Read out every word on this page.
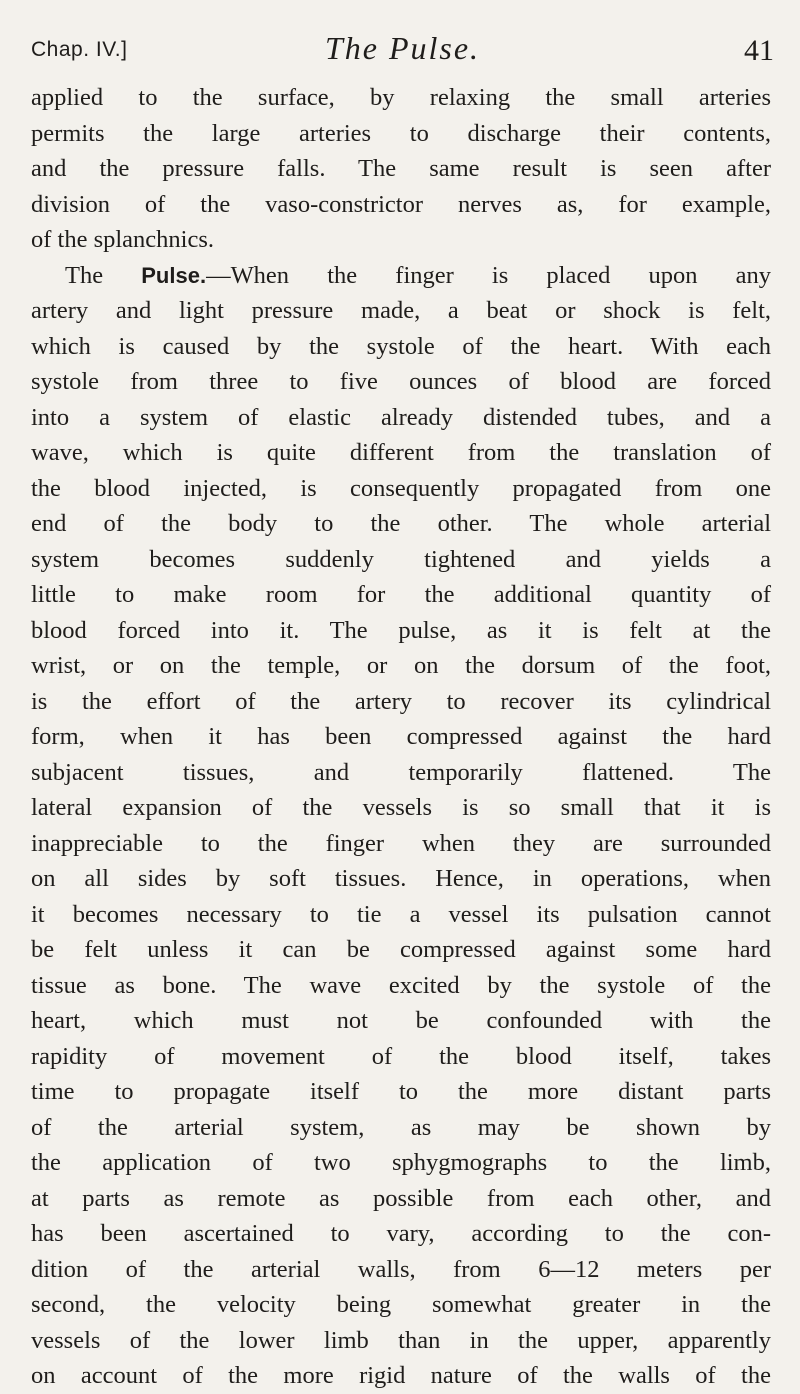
Chap. IV.]	The Pulse.	41
applied to the surface, by relaxing the small arteries
permits the large arteries to discharge their contents,
and the pressure falls. The same result is seen after
division of the vaso-constrictor nerves as, for example,
of the splanchnics.
The Pulse.—When the finger is placed upon any
artery and light pressure made, a beat or shock is felt,
which is caused by the systole of the heart. With each
systole from three to five ounces of blood are forced
into a system of elastic already distended tubes, and a
wave, which is quite different from the translation of
the blood injected, is consequently propagated from one
end of the body to the other. The whole arterial
system becomes suddenly tightened and yields a
little to make room for the additional quantity of
blood forced into it. The pulse, as it is felt at the
wrist, or on the temple, or on the dorsum of the foot,
is the effort of the artery to recover its cylindrical
form, when it has been compressed against the hard
subjacent tissues, and temporarily flattened. The
lateral expansion of the vessels is so small that it is
inappreciable to the finger when they are surrounded
on all sides by soft tissues. Hence, in operations, when
it becomes necessary to tie a vessel its pulsation cannot
be felt unless it can be compressed against some hard
tissue as bone. The wave excited by the systole of the
heart, which must not be confounded with the
rapidity of movement of the blood itself, takes
time to propagate itself to the more distant parts
of the arterial system, as may be shown by
the application of two sphygmographs to the limb,
at parts as remote as possible from each other, and
has been ascertained to vary, according to the con-
dition of the arterial walls, from 6—12 meters per
second, the velocity being somewhat greater in the
vessels of the lower limb than in the upper, apparently
on account of the more rigid nature of the walls of the
